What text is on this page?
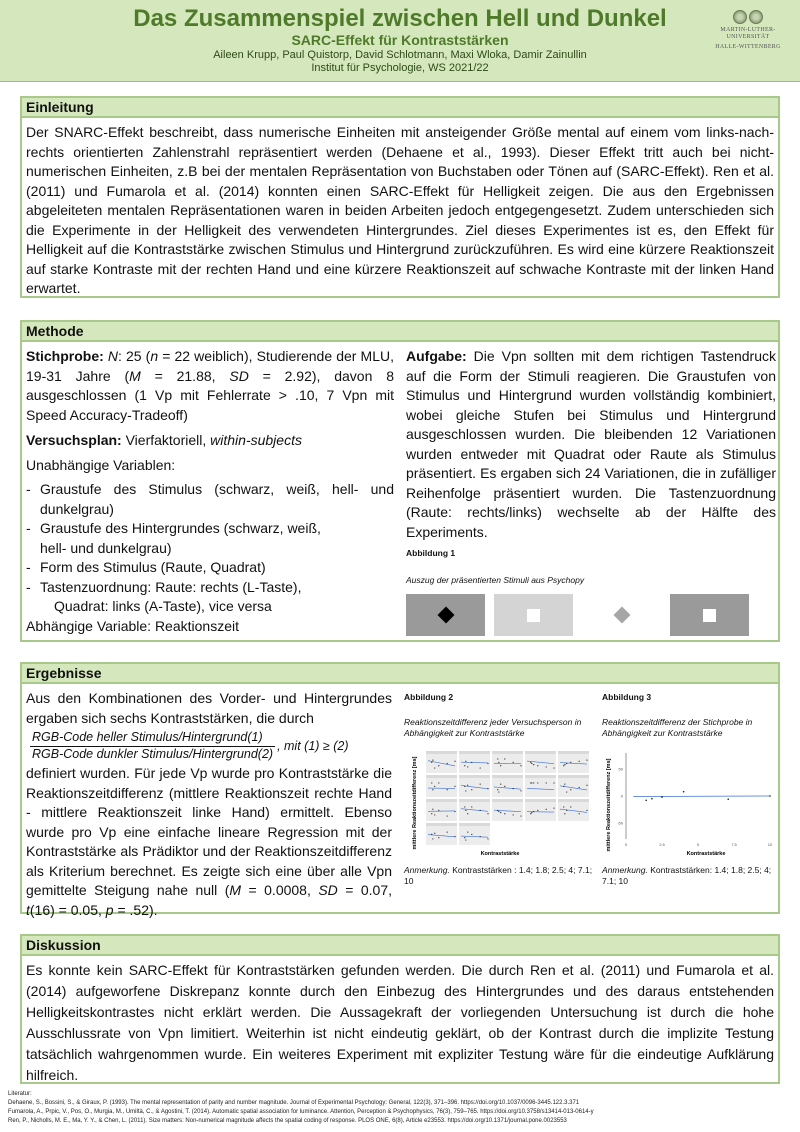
Das Zusammenspiel zwischen Hell und Dunkel
SARC-Effekt für Kontraststärken
Aileen Krupp, Paul Quistorp, David Schlotmann, Maxi Wloka, Damir Zainullin
Institut für Psychologie, WS 2021/22
MARTIN-LUTHER-UNIVERSITÄT
HALLE-WITTENBERG
Einleitung
Der SNARC-Effekt beschreibt, dass numerische Einheiten mit ansteigender Größe mental auf einem vom links-nach-rechts orientierten Zahlenstrahl repräsentiert werden (Dehaene et al., 1993). Dieser Effekt tritt auch bei nicht-numerischen Einheiten, z.B bei der mentalen Repräsentation von Buchstaben oder Tönen auf (SARC-Effekt). Ren et al. (2011) und Fumarola et al. (2014) konnten einen SARC-Effekt für Helligkeit zeigen. Die aus den Ergebnissen abgeleiteten mentalen Repräsentationen waren in beiden Arbeiten jedoch entgegengesetzt. Zudem unterschieden sich die Experimente in der Helligkeit des verwendeten Hintergrundes. Ziel dieses Experimentes ist es, den Effekt für Helligkeit auf die Kontraststärke zwischen Stimulus und Hintergrund zurückzuführen. Es wird eine kürzere Reaktionszeit auf starke Kontraste mit der rechten Hand und eine kürzere Reaktionszeit auf schwache Kontraste mit der linken Hand erwartet.
Methode
Stichprobe: N: 25 (n = 22 weiblich), Studierende der MLU, 19-31 Jahre (M = 21.88, SD = 2.92), davon 8 ausgeschlossen (1 Vp mit Fehlerrate > .10, 7 Vpn mit Speed Accuracy-Tradeoff)
Versuchsplan: Vierfaktoriell, within-subjects
Unabhängige Variablen:
- Graustufe des Stimulus (schwarz, weiß, hell- und dunkelgrau)
- Graustufe des Hintergrundes (schwarz, weiß,
hell- und dunkelgrau)
- Form des Stimulus (Raute, Quadrat)
- Tastenzuordnung: Raute: rechts (L-Taste),
Quadrat: links (A-Taste), vice versa
Abhängige Variable: Reaktionszeit
Aufgabe: Die Vpn sollten mit dem richtigen Tastendruck auf die Form der Stimuli reagieren. Die Graustufen von Stimulus und Hintergrund wurden vollständig kombiniert, wobei gleiche Stufen bei Stimulus und Hintergrund ausgeschlossen wurden. Die bleibenden 12 Variationen wurden entweder mit Quadrat oder Raute als Stimulus präsentiert. Es ergaben sich 24 Variationen, die in zufälliger Reihenfolge präsentiert wurden. Die Tastenzuordnung (Raute: rechts/links) wechselte ab der Hälfte des Experiments.
Abbildung 1
Auszug der präsentierten Stimuli aus Psychopy
Ergebnisse
Aus den Kombinationen des Vorder- und Hintergrundes ergaben sich sechs Kontraststärken, die durch
RGB-Code heller Stimulus/Hintergrund(1)
RGB-Code dunkler Stimulus/Hintergrund(2)
, mit (1) ≥ (2)
definiert wurden. Für jede Vp wurde pro Kontraststärke die Reaktionszeitdifferenz (mittlere Reaktionszeit rechte Hand - mittlere Reaktionszeit linke Hand) ermittelt. Ebenso wurde pro Vp eine einfache lineare Regression mit der Kontraststärke als Prädiktor und der Reaktionszeitdifferenz als Kriterium berechnet. Es zeigte sich eine über alle Vpn gemittelte Steigung nahe null (M = 0.0008, SD = 0.07, t(16) = 0.05, p = .52).
Abbildung 2
Reaktionszeitdifferenz jeder Versuchsperson in Abhängigkeit zur Kontraststärke
mittlere Reaktionszeitdifferenz [ms]
Kontraststärke
Anmerkung. Kontraststärken : 1.4; 1.8; 2.5; 4; 7.1; 10
Abbildung 3
Reaktionszeitdifferenz der Stichprobe in Abhängigkeit zur Kontraststärke
mittlere Reaktionszeitdifferenz [ms]
Kontraststärke
50
0
-50
0	2.5	5	7.5	10
Anmerkung. Kontraststärken: 1.4; 1.8; 2.5; 4; 7.1; 10
Diskussion
Es konnte kein SARC-Effekt für Kontraststärken gefunden werden. Die durch Ren et al. (2011) und Fumarola et al. (2014) aufgeworfene Diskrepanz konnte durch den Einbezug des Hintergrundes und des daraus entstehenden Helligkeitskontrastes nicht erklärt werden. Die Aussagekraft der vorliegenden Untersuchung ist durch die hohe Ausschlussrate von Vpn limitiert. Weiterhin ist nicht eindeutig geklärt, ob der Kontrast durch die implizite Testung tatsächlich wahrgenommen wurde. Ein weiteres Experiment mit expliziter Testung wäre für die eindeutige Aufklärung hilfreich.
Literatur:
Dehaene, S., Bossini, S., & Giraux, P. (1993). The mental representation of parity and number magnitude. Journal of Experimental Psychology: General, 122(3), 371–396. https://doi.org/10.1037/0096-3445.122.3.371
Fumarola, A., Prpic, V., Pos, O., Murgia, M., Umiltà, C., & Agostini, T. (2014). Automatic spatial association for luminance. Attention, Perception & Psychophysics, 76(3), 759–765. https://doi.org/10.3758/s13414-013-0614-y
Ren, P., Nicholls, M. E., Ma, Y. Y., & Chen, L. (2011). Size matters: Non-numerical magnitude affects the spatial coding of response. PLOS ONE, 6(8), Article e23553. https://doi.org/10.1371/journal.pone.0023553
